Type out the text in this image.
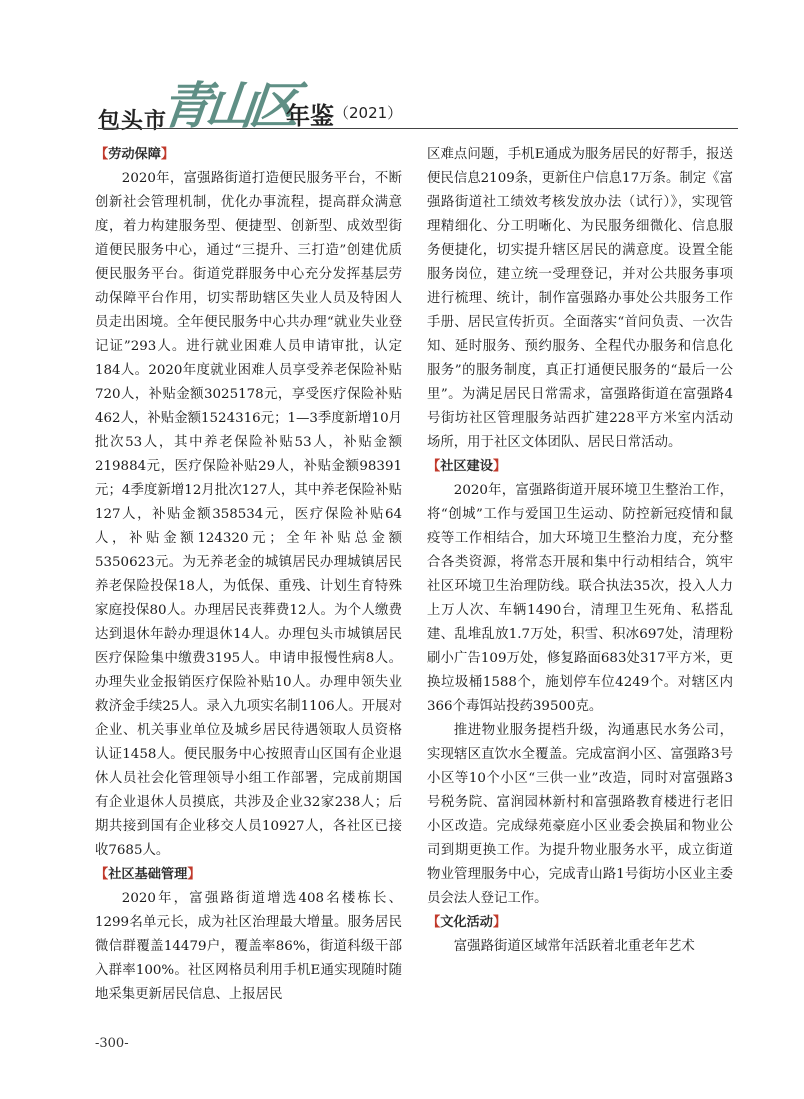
包头市
青山区
年鉴 （2021）
【劳动保障】

2020年，富强路街道打造便民服务平台，不断创新社会管理机制，优化办事流程，提高群众满意度，着力构建服务型、便捷型、创新型、成效型街道便民服务中心，通过“三提升、三打造”创建优质便民服务平台。街道党群服务中心充分发挥基层劳动保障平台作用，切实帮助辖区失业人员及特困人员走出困境。全年便民服务中心共办理“就业失业登记证”293人。进行就业困难人员申请审批，认定184人。2020年度就业困难人员享受养老保险补贴720人，补贴金额3025178元，享受医疗保险补贴462人，补贴金额1524316元；1—3季度新增10月批次53人，其中养老保险补贴53人，补贴金额219884元，医疗保险补贴29人，补贴金额98391元；4季度新增12月批次127人，其中养老保险补贴127人，补贴金额358534元，医疗保险补贴64人，补贴金额124320元；全年补贴总金额5350623元。为无养老金的城镇居民办理城镇居民养老保险投保18人，为低保、重残、计划生育特殊家庭投保80人。办理居民丧葬费12人。为个人缴费达到退休年龄办理退休14人。办理包头市城镇居民医疗保险集中缴费3195人。申请申报慢性病8人。办理失业金报销医疗保险补贴10人。办理申领失业救济金手续25人。录入九项实名制1106人。开展对企业、机关事业单位及城乡居民待遇领取人员资格认证1458人。便民服务中心按照青山区国有企业退休人员社会化管理领导小组工作部署，完成前期国有企业退休人员摸底，共涉及企业32家238人；后期共接到国有企业移交人员10927人，各社区已接收7685人。

【社区基础管理】

2020年，富强路街道增选408名楼栋长、1299名单元长，成为社区治理最大增量。服务居民微信群覆盖14479户，覆盖率86%，街道科级干部入群率100%。社区网格员利用手机E通实现随时随地采集更新居民信息、上报居民

区难点问题，手机E通成为服务居民的好帮手，报送便民信息2109条，更新住户信息17万条。制定《富强路街道社工绩效考核发放办法（试行）》，实现管理精细化、分工明晰化、为民服务细微化、信息服务便捷化，切实提升辖区居民的满意度。设置全能服务岗位，建立统一受理登记，并对公共服务事项进行梳理、统计，制作富强路办事处公共服务工作手册、居民宣传折页。全面落实“首问负责、一次告知、延时服务、预约服务、全程代办服务和信息化服务”的服务制度，真正打通便民服务的“最后一公里”。为满足居民日常需求，富强路街道在富强路4号街坊社区管理服务站西扩建228平方米室内活动场所，用于社区文体团队、居民日常活动。

【社区建设】

2020年，富强路街道开展环境卫生整治工作，将“创城”工作与爱国卫生运动、防控新冠疫情和鼠疫等工作相结合，加大环境卫生整治力度，充分整合各类资源，将常态开展和集中行动相结合，筑牢社区环境卫生治理防线。联合执法35次，投入人力上万人次、车辆1490台，清理卫生死角、私搭乱建、乱堆乱放1.7万处，积雪、积冰697处，清理粉刷小广告109万处，修复路面683处317平方米，更换垃圾桶1588个，施划停车位4249个。对辖区内366个毒饵站投药39500克。

推进物业服务提档升级，沟通惠民水务公司，实现辖区直饮水全覆盖。完成富润小区、富强路3号小区等10个小区“三供一业”改造，同时对富强路3号税务院、富润园林新村和富强路教育楼进行老旧小区改造。完成绿苑豪庭小区业委会换届和物业公司到期更换工作。为提升物业服务水平，成立街道物业管理服务中心，完成青山路1号街坊小区业主委员会法人登记工作。

【文化活动】

富强路街道区域常年活跃着北重老年艺术

-300-
